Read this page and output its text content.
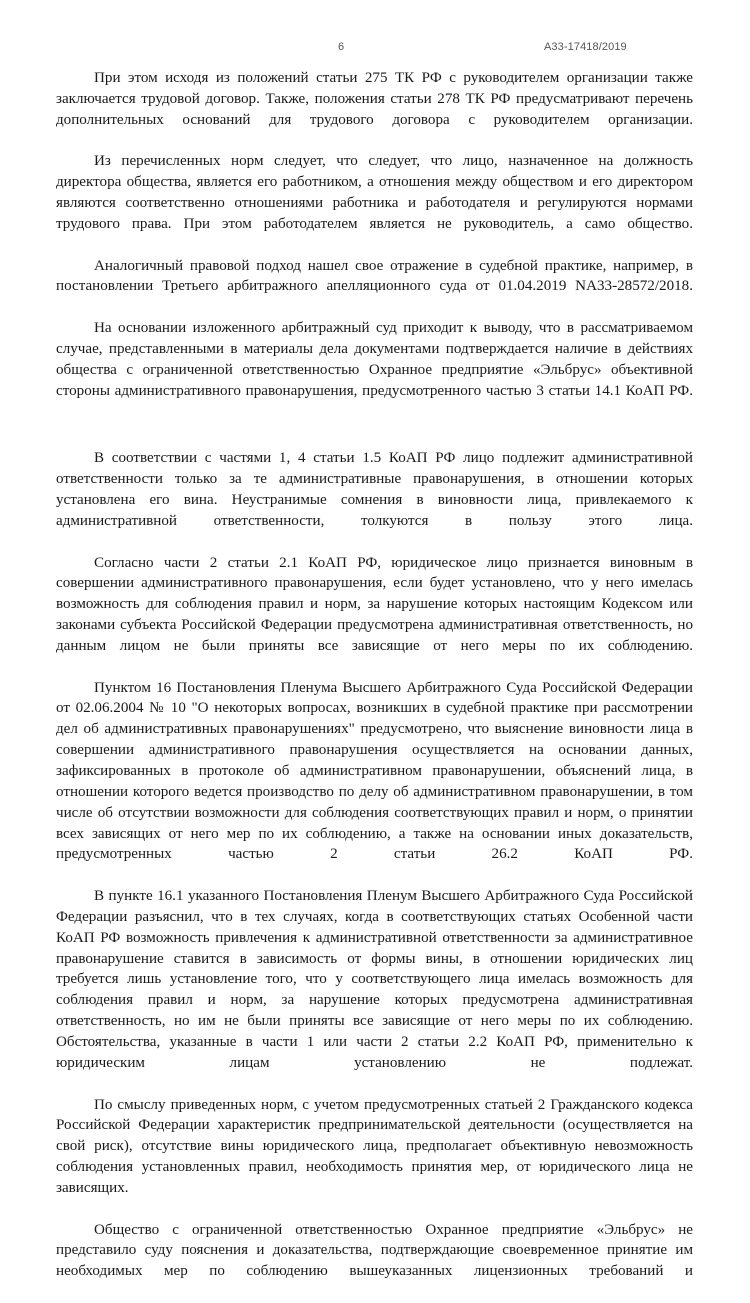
6	A33-17418/2019

При этом исходя из положений статьи 275 ТК РФ с руководителем организации также заключается трудовой договор. Также, положения статьи 278 ТК РФ предусматривают перечень дополнительных оснований для трудового договора с руководителем организации.

Из перечисленных норм следует, что следует, что лицо, назначенное на должность директора общества, является его работником, а отношения между обществом и его директором являются соответственно отношениями работника и работодателя и регулируются нормами трудового права. При этом работодателем является не руководитель, а само общество.

Аналогичный правовой подход нашел свое отражение в судебной практике, например, в постановлении Третьего арбитражного апелляционного суда от 01.04.2019 NA33-28572/2018.

На основании изложенного арбитражный суд приходит к выводу, что в рассматриваемом случае, представленными в материалы дела документами подтверждается наличие в действиях общества с ограниченной ответственностью Охранное предприятие «Эльбрус» объективной стороны административного правонарушения, предусмотренного частью 3 статьи 14.1 КоАП РФ.

В соответствии с частями 1, 4 статьи 1.5 КоАП РФ лицо подлежит административной ответственности только за те административные правонарушения, в отношении которых установлена его вина. Неустранимые сомнения в виновности лица, привлекаемого к административной ответственности, толкуются в пользу этого лица.

Согласно части 2 статьи 2.1 КоАП РФ, юридическое лицо признается виновным в совершении административного правонарушения, если будет установлено, что у него имелась возможность для соблюдения правил и норм, за нарушение которых настоящим Кодексом или законами субъекта Российской Федерации предусмотрена административная ответственность, но данным лицом не были приняты все зависящие от него меры по их соблюдению.

Пунктом 16 Постановления Пленума Высшего Арбитражного Суда Российской Федерации от 02.06.2004 № 10 "О некоторых вопросах, возникших в судебной практике при рассмотрении дел об административных правонарушениях" предусмотрено, что выяснение виновности лица в совершении административного правонарушения осуществляется на основании данных, зафиксированных в протоколе об административном правонарушении, объяснений лица, в отношении которого ведется производство по делу об административном правонарушении, в том числе об отсутствии возможности для соблюдения соответствующих правил и норм, о принятии всех зависящих от него мер по их соблюдению, а также на основании иных доказательств, предусмотренных частью 2 статьи 26.2 КоАП РФ.

В пункте 16.1 указанного Постановления Пленум Высшего Арбитражного Суда Российской Федерации разъяснил, что в тех случаях, когда в соответствующих статьях Особенной части КоАП РФ возможность привлечения к административной ответственности за административное правонарушение ставится в зависимость от формы вины, в отношении юридических лиц требуется лишь установление того, что у соответствующего лица имелась возможность для соблюдения правил и норм, за нарушение которых предусмотрена административная ответственность, но им не были приняты все зависящие от него меры по их соблюдению. Обстоятельства, указанные в части 1 или части 2 статьи 2.2 КоАП РФ, применительно к юридическим лицам установлению не подлежат.

По смыслу приведенных норм, с учетом предусмотренных статьей 2 Гражданского кодекса Российской Федерации характеристик предпринимательской деятельности (осуществляется на свой риск), отсутствие вины юридического лица, предполагает объективную невозможность соблюдения установленных правил, необходимость принятия мер, от юридического лица не зависящих.

Общество с ограниченной ответственностью Охранное предприятие «Эльбрус» не представило суду пояснения и доказательства, подтверждающие своевременное принятие им необходимых мер по соблюдению вышеуказанных лицензионных требований и
